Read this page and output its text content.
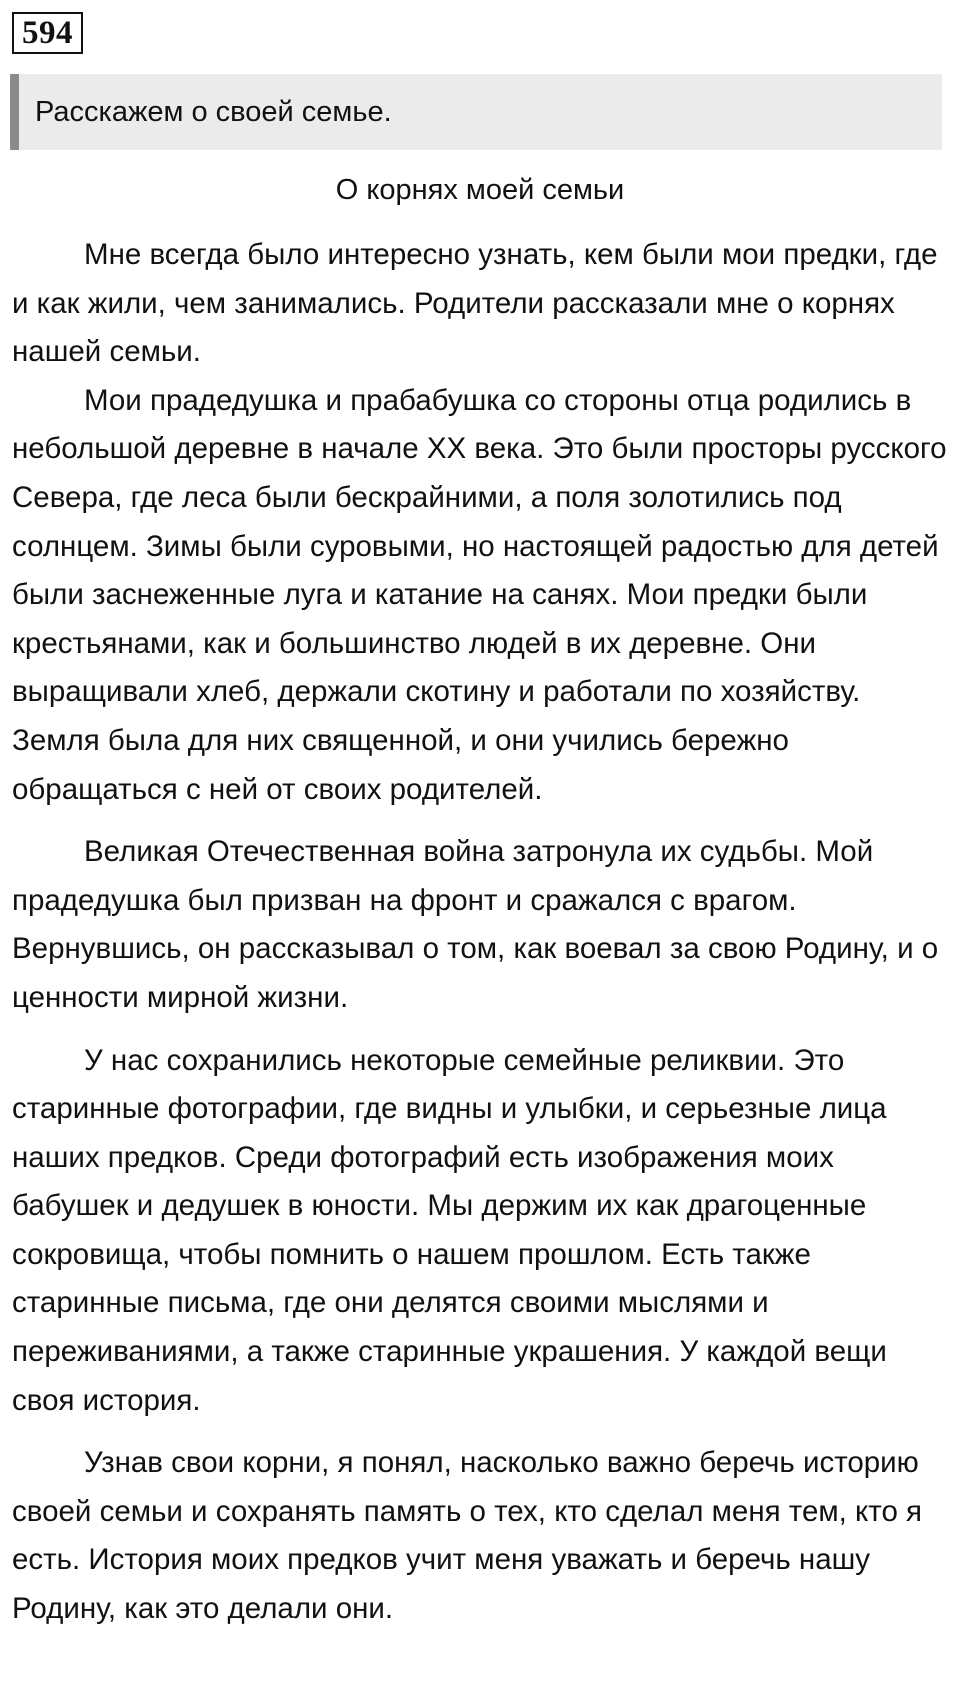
594
Расскажем о своей семье.
О корнях моей семьи

Мне всегда было интересно узнать, кем были мои предки, где и как жили, чем занимались. Родители рассказали мне о корнях нашей семьи.

Мои прадедушка и прабабушка со стороны отца родились в небольшой деревне в начале XX века. Это были просторы русского Севера, где леса были бескрайними, а поля золотились под солнцем. Зимы были суровыми, но настоящей радостью для детей были заснеженные луга и катание на санях. Мои предки были крестьянами, как и большинство людей в их деревне. Они выращивали хлеб, держали скотину и работали по хозяйству. Земля была для них священной, и они учились бережно обращаться с ней от своих родителей.

Великая Отечественная война затронула их судьбы. Мой прадедушка был призван на фронт и сражался с врагом. Вернувшись, он рассказывал о том, как воевал за свою Родину, и о ценности мирной жизни.

У нас сохранились некоторые семейные реликвии. Это старинные фотографии, где видны и улыбки, и серьезные лица наших предков. Среди фотографий есть изображения моих бабушек и дедушек в юности. Мы держим их как драгоценные сокровища, чтобы помнить о нашем прошлом. Есть также старинные письма, где они делятся своими мыслями и переживаниями, а также старинные украшения. У каждой вещи своя история.

Узнав свои корни, я понял, насколько важно беречь историю своей семьи и сохранять память о тех, кто сделал меня тем, кто я есть. История моих предков учит меня уважать и беречь нашу Родину, как это делали они.
